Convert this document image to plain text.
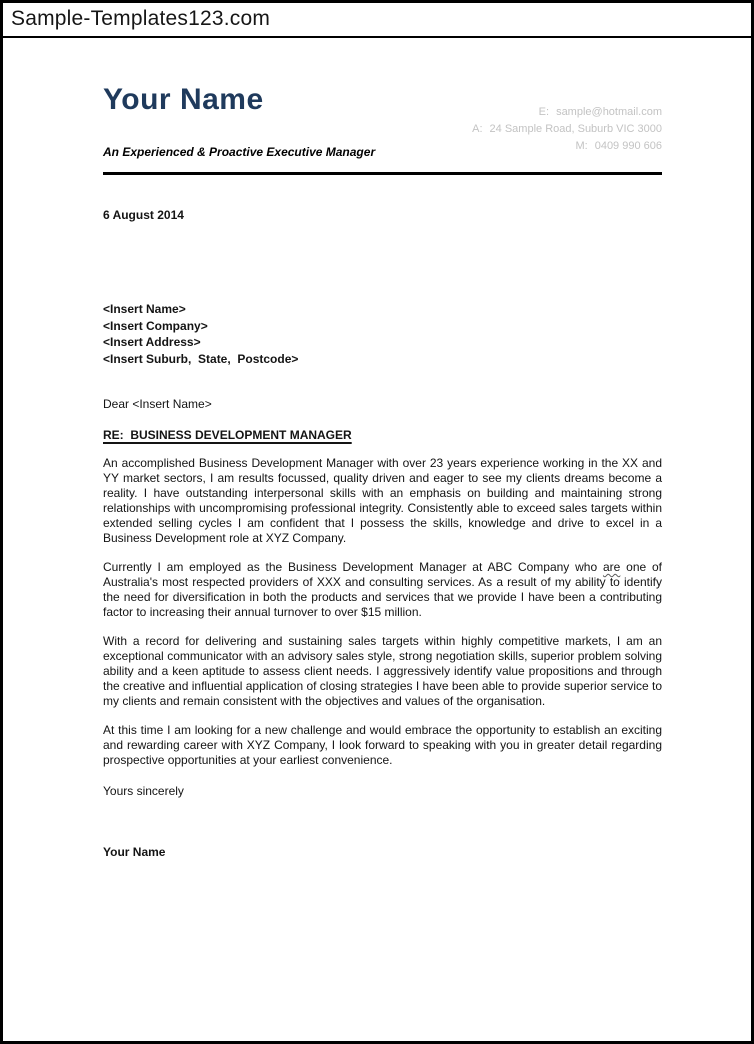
Sample-Templates123.com
Your Name	E: sample@hotmail.com
A: 24 Sample Road, Suburb VIC 3000
M: 0409 990 606
An Experienced & Proactive Executive Manager
6 August 2014
<Insert Name>
<Insert Company>
<Insert Address>
<Insert Suburb,  State,  Postcode>
Dear <Insert Name>
RE:  BUSINESS DEVELOPMENT MANAGER

An accomplished Business Development Manager with over 23 years experience working in the XX and YY market sectors, I am results focussed, quality driven and eager to see my clients dreams become a reality. I have outstanding interpersonal skills with an emphasis on building and maintaining strong relationships with uncompromising professional integrity. Consistently able to exceed sales targets within extended selling cycles I am confident that I possess the skills, knowledge and drive to excel in a Business Development role at XYZ Company.

Currently I am employed as the Business Development Manager at ABC Company who are one of Australia's most respected providers of XXX and consulting services. As a result of my ability to identify the need for diversification in both the products and services that we provide I have been a contributing factor to increasing their annual turnover to over $15 million.

With a record for delivering and sustaining sales targets within highly competitive markets, I am an exceptional communicator with an advisory sales style, strong negotiation skills, superior problem solving ability and a keen aptitude to assess client needs. I aggressively identify value propositions and through the creative and influential application of closing strategies I have been able to provide superior service to my clients and remain consistent with the objectives and values of the organisation.

At this time I am looking for a new challenge and would embrace the opportunity to establish an exciting and rewarding career with XYZ Company, I look forward to speaking with you in greater detail regarding prospective opportunities at your earliest convenience.

Yours sincerely
Your Name
